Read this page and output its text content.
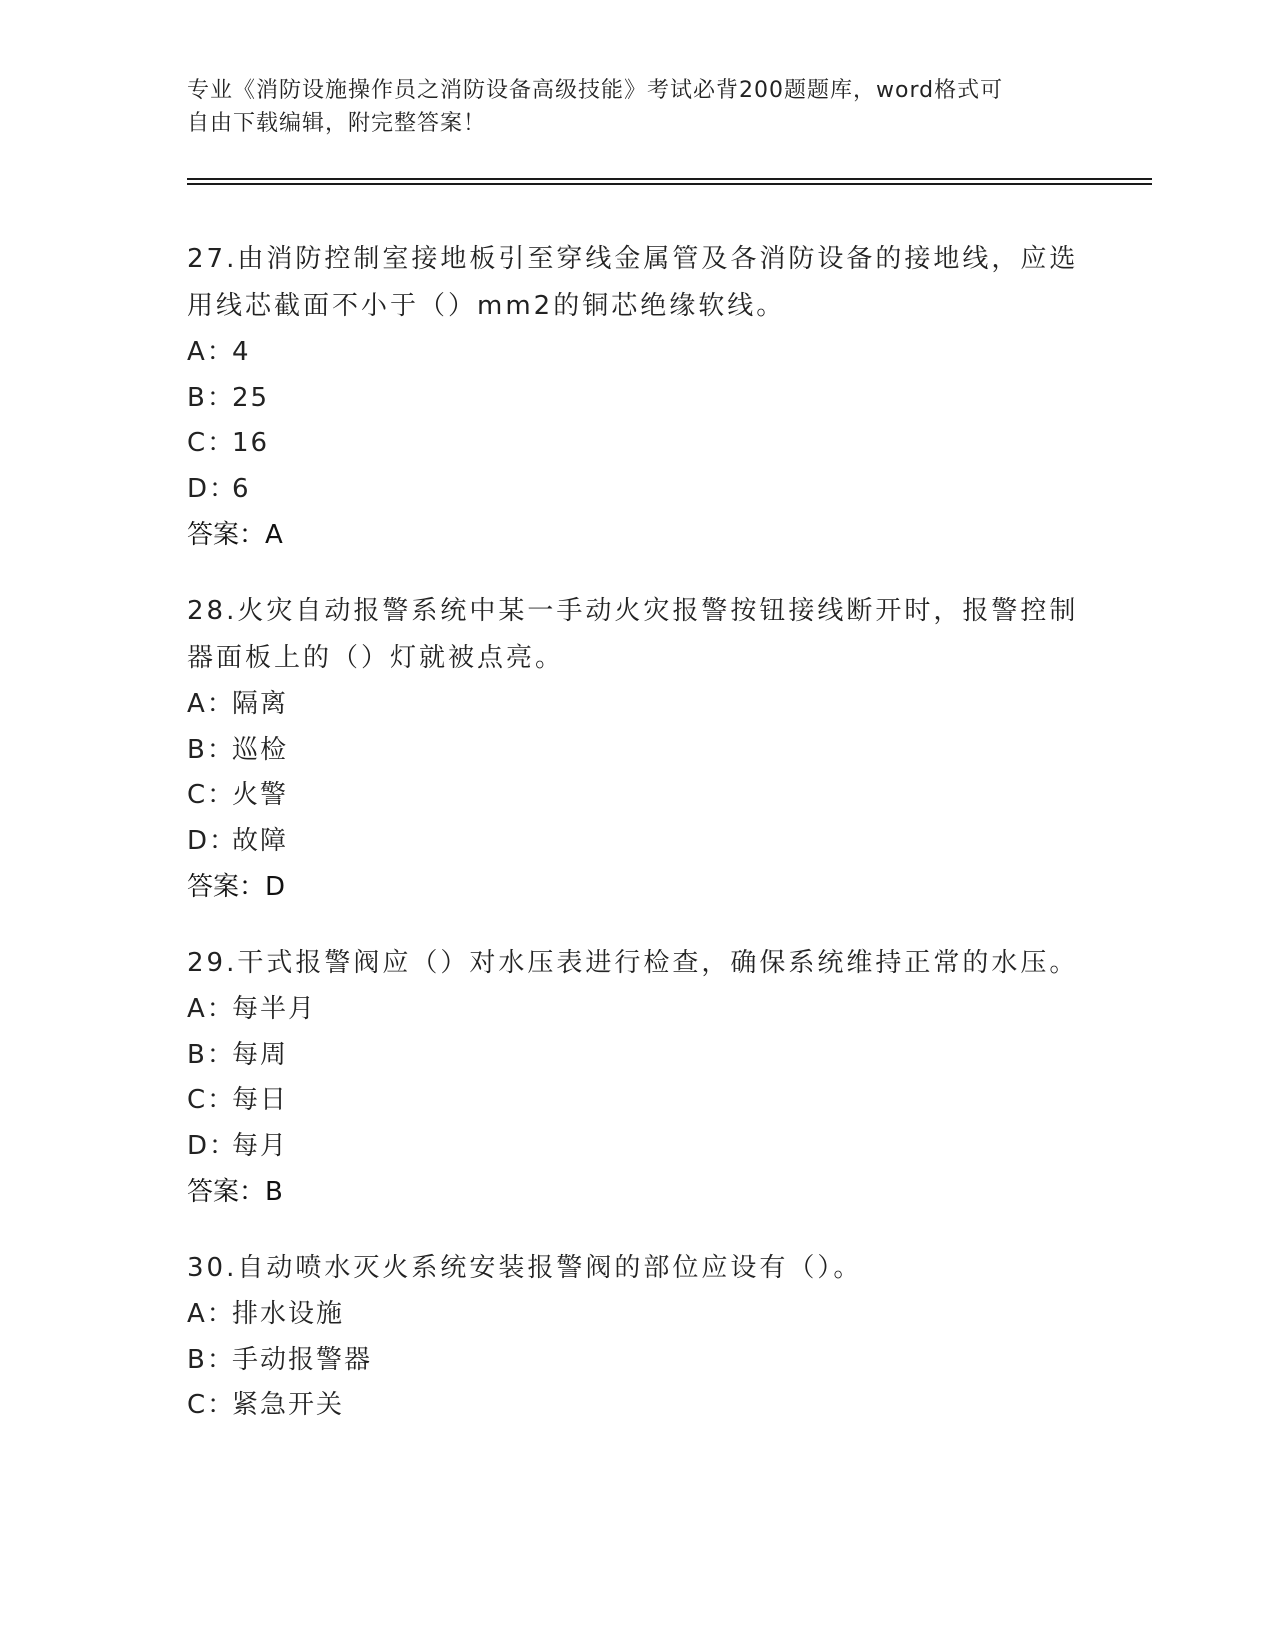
专业《消防设施操作员之消防设备高级技能》考试必背200题题库，word格式可
自由下载编辑，附完整答案！
27.由消防控制室接地板引至穿线金属管及各消防设备的接地线，应选
用线芯截面不小于（）mm2的铜芯绝缘软线。
A：4
B：25
C：16
D：6
答案：A
28.火灾自动报警系统中某一手动火灾报警按钮接线断开时，报警控制
器面板上的（）灯就被点亮。
A：隔离
B：巡检
C：火警
D：故障
答案：D
29.干式报警阀应（）对水压表进行检查，确保系统维持正常的水压。
A：每半月
B：每周
C：每日
D：每月
答案：B
30.自动喷水灭火系统安装报警阀的部位应设有（）。
A：排水设施
B：手动报警器
C：紧急开关
